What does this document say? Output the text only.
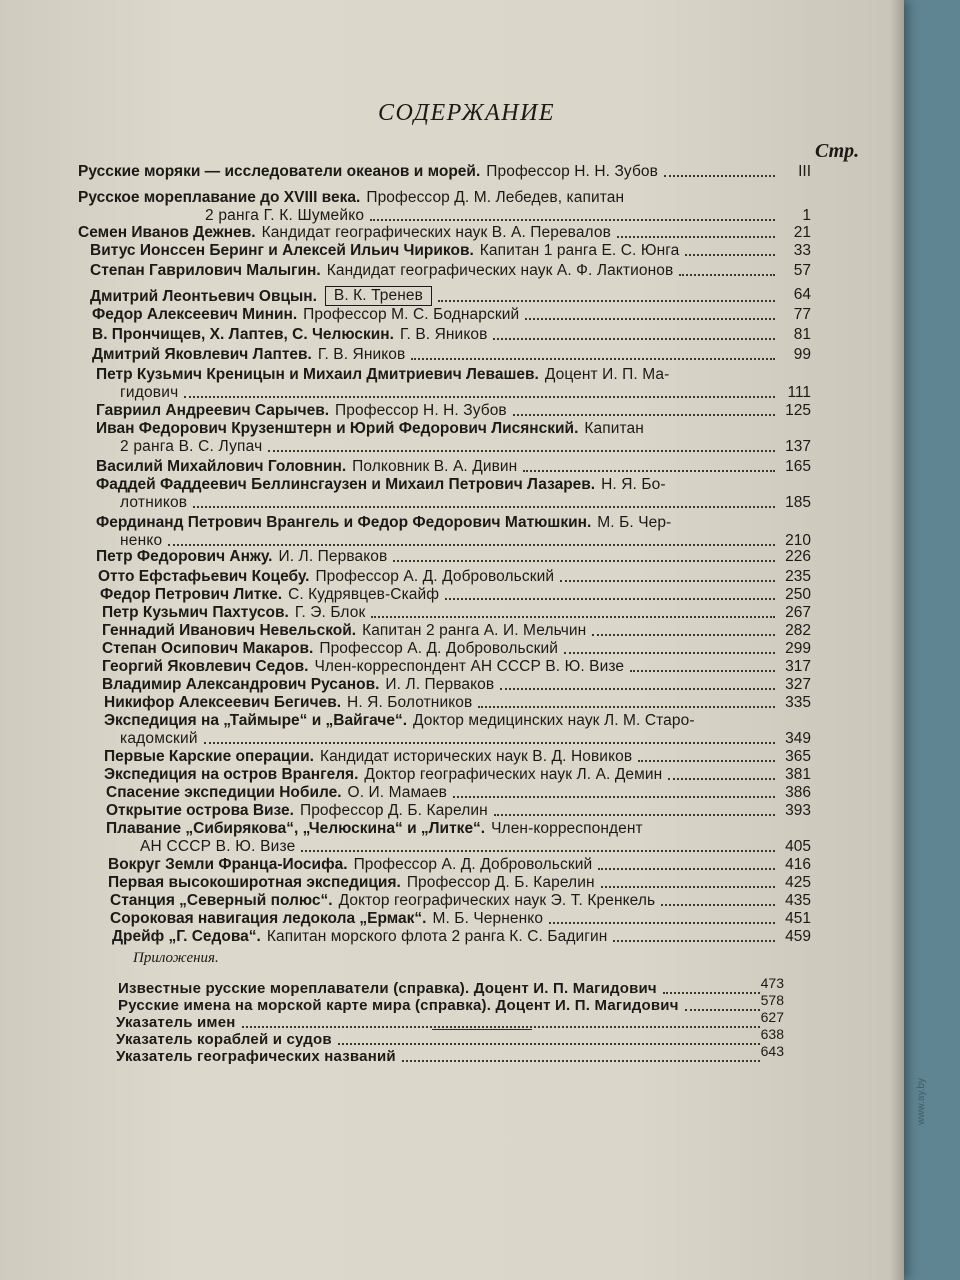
СОДЕРЖАНИЕ
Стр.
Русские моряки — исследователи океанов и морей. Профессор Н. Н. Зубов	III
Русское мореплавание до XVIII века. Профессор Д. М. Лебедев, капитан
2 ранга Г. К. Шумейко	1
Семен Иванов Дежнев. Кандидат географических наук В. А. Перевалов	21
Витус Ионссен Беринг и Алексей Ильич Чириков. Капитан 1 ранга Е. С. Юнга	33
Степан Гаврилович Малыгин. Кандидат географических наук А. Ф. Лактионов	57
Дмитрий Леонтьевич Овцын.	В. К. Тренев	64
Федор Алексеевич Минин. Профессор М. С. Боднарский	77
В. Прончищев, Х. Лаптев, С. Челюскин. Г. В. Яников	81
Дмитрий Яковлевич Лаптев. Г. В. Яников	99
Петр Кузьмич Креницын и Михаил Дмитриевич Левашев. Доцент И. П. Ма-
гидович	111
Гавриил Андреевич Сарычев. Профессор Н. Н. Зубов	125
Иван Федорович Крузенштерн и Юрий Федорович Лисянский. Капитан
2 ранга В. С. Лупач	137
Василий Михайлович Головнин. Полковник В. А. Дивин	165
Фаддей Фаддеевич Беллинсгаузен и Михаил Петрович Лазарев. Н. Я. Бо-
лотников	185
Фердинанд Петрович Врангель и Федор Федорович Матюшкин. М. Б. Чер-
ненко	210
Петр Федорович Анжу. И. Л. Перваков	226
Отто Ефстафьевич Коцебу. Профессор А. Д. Добровольский	235
Федор Петрович Литке. С. Кудрявцев-Скайф	250
Петр Кузьмич Пахтусов. Г. Э. Блок	267
Геннадий Иванович Невельской. Капитан 2 ранга А. И. Мельчин	282
Степан Осипович Макаров. Профессор А. Д. Добровольский	299
Георгий Яковлевич Седов. Член-корреспондент АН СССР В. Ю. Визе	317
Владимир Александрович Русанов. И. Л. Перваков	327
Никифор Алексеевич Бегичев. Н. Я. Болотников	335
Экспедиция на „Таймыре“ и „Вайгаче“. Доктор медицинских наук Л. М. Старо-
кадомский	349
Первые Карские операции. Кандидат исторических наук В. Д. Новиков	365
Экспедиция на остров Врангеля. Доктор географических наук Л. А. Демин	381
Спасение экспедиции Нобиле. О. И. Мамаев	386
Открытие острова Визе. Профессор Д. Б. Карелин	393
Плавание „Сибирякова“, „Челюскина“ и „Литке“. Член-корреспондент
АН СССР В. Ю. Визе	405
Вокруг Земли Франца-Иосифа. Профессор А. Д. Добровольский	416
Первая высокоширотная экспедиция. Профессор Д. Б. Карелин	425
Станция „Северный полюс“. Доктор географических наук Э. Т. Кренкель	435
Сороковая навигация ледокола „Ермак“. М. Б. Черненко	451
Дрейф „Г. Седова“. Капитан морского флота 2 ранга К. С. Бадигин	459
Приложения.
Известные русские мореплаватели (справка). Доцент И. П. Магидович	473
Русские имена на морской карте мира (справка). Доцент И. П. Магидович	578
Указатель имен	627
Указатель кораблей и судов	638
Указатель географических названий	643
www.ay.by
